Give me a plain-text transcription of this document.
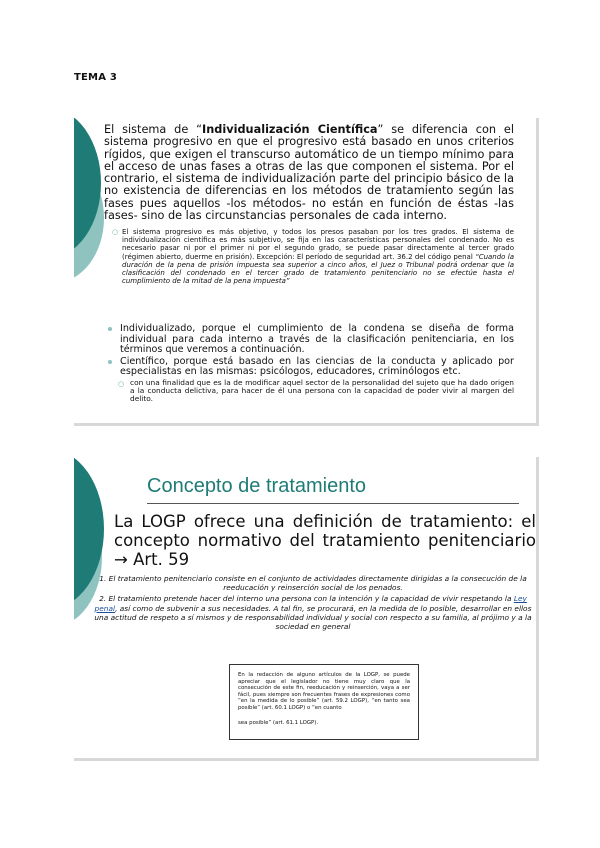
TEMA 3
El sistema de “Individualización Científica” se diferencia con el sistema progresivo en que el progresivo está basado en unos criterios rígidos, que exigen el transcurso automático de un tiempo mínimo para el acceso de unas fases a otras de las que componen el sistema. Por el contrario, el sistema de individualización parte del principio básico de la no existencia de diferencias en los métodos de tratamiento según las fases pues aquellos -los métodos- no están en función de éstas -las fases- sino de las circunstancias personales de cada interno.
○ El sistema progresivo es más objetivo, y todos los presos pasaban por los tres grados. El sistema de individualización científica es más subjetivo, se fija en las características personales del condenado. No es necesario pasar ni por el primer ni por el segundo grado, se puede pasar directamente al tercer grado (régimen abierto, duerme en prisión). Excepción: El período de seguridad art. 36.2 del código penal “Cuando la duración de la pena de prisión impuesta sea superior a cinco años, el Juez o Tribunal podrá ordenar que la clasificación del condenado en el tercer grado de tratamiento penitenciario no se efectúe hasta el cumplimiento de la mitad de la pena impuesta”
Individualizado, porque el cumplimiento de la condena se diseña de forma individual para cada interno a través de la clasificación penitenciaria, en los términos que veremos a continuación.
Científico, porque está basado en las ciencias de la conducta y aplicado por especialistas en las mismas: psicólogos, educadores, criminólogos etc.
○ con una finalidad que es la de modificar aquel sector de la personalidad del sujeto que ha dado origen a la conducta delictiva, para hacer de él una persona con la capacidad de poder vivir al margen del delito.
Concepto de tratamiento
La LOGP ofrece una definición de tratamiento: el concepto normativo del tratamiento penitenciario → Art. 59

1. El tratamiento penitenciario consiste en el conjunto de actividades directamente dirigidas a la consecución de la reeducación y reinserción social de los penados.

2. El tratamiento pretende hacer del interno una persona con la intención y la capacidad de vivir respetando la Ley penal, así como de subvenir a sus necesidades. A tal fin, se procurará, en la medida de lo posible, desarrollar en ellos una actitud de respeto a sí mismos y de responsabilidad individual y social con respecto a su familia, al prójimo y a la sociedad en general

En la redacción de alguno artículos de la LOGP, se puede apreciar que el legislador no tiene muy claro que la consecución de este fin, reeducación y reinserción, vaya a ser fácil, pues siempre son frecuentes frases de expresiones como “en la medida de lo posible” (art. 59.2 LOGP), “en tanto sea posible” (art. 60.1 LOGP) o “en cuanto

sea posible” (art. 61.1 LOGP).
